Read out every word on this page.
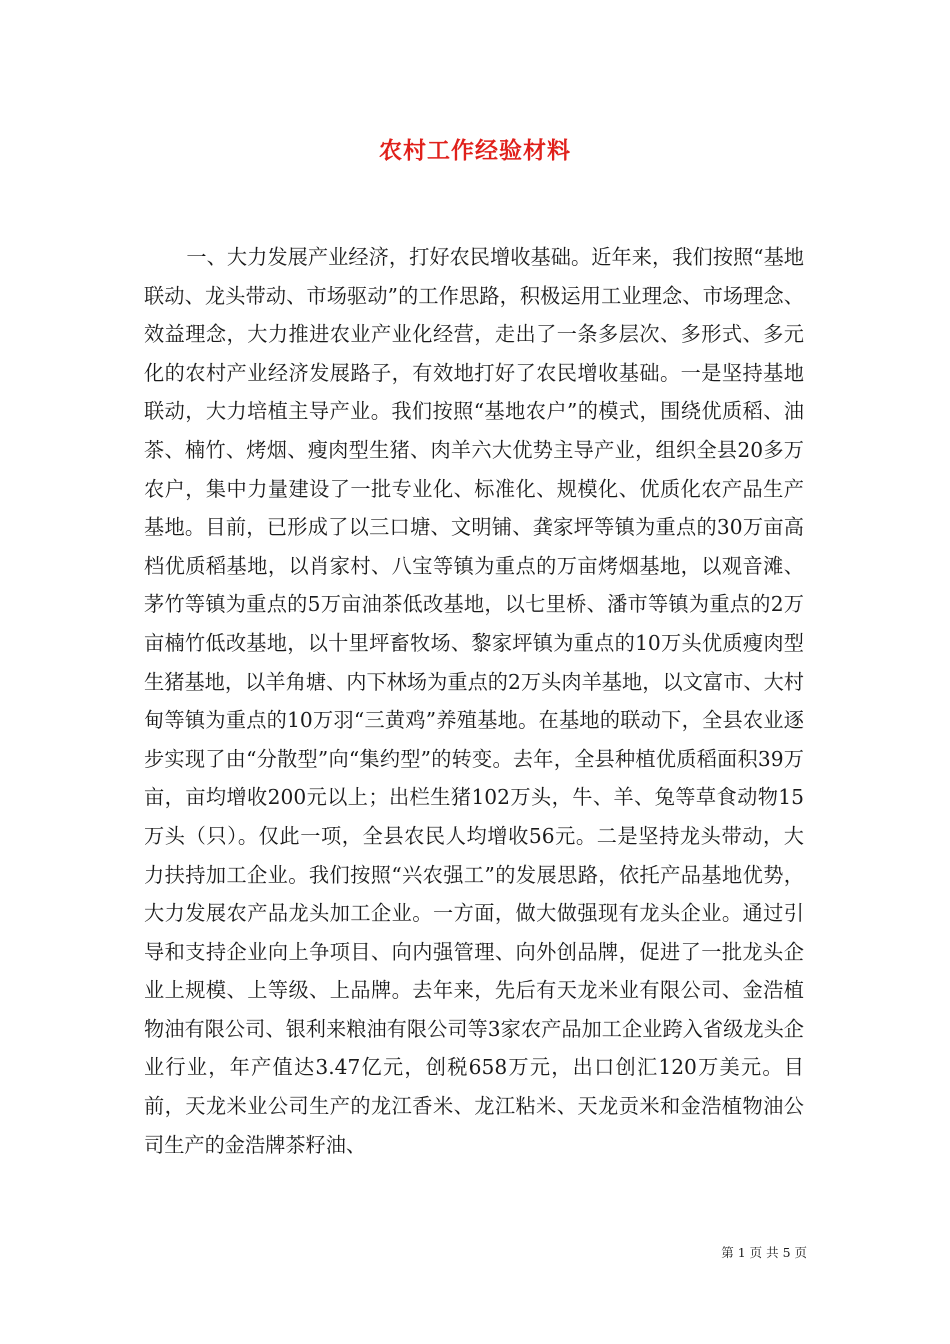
农村工作经验材料

一、大力发展产业经济，打好农民增收基础。近年来，我们按照“基地联动、龙头带动、市场驱动”的工作思路，积极运用工业理念、市场理念、效益理念，大力推进农业产业化经营，走出了一条多层次、多形式、多元化的农村产业经济发展路子，有效地打好了农民增收基础。一是坚持基地联动，大力培植主导产业。我们按照“基地农户”的模式，围绕优质稻、油茶、楠竹、烤烟、瘦肉型生猪、肉羊六大优势主导产业，组织全县20多万农户，集中力量建设了一批专业化、标准化、规模化、优质化农产品生产基地。目前，已形成了以三口塘、文明铺、龚家坪等镇为重点的30万亩高档优质稻基地，以肖家村、八宝等镇为重点的万亩烤烟基地，以观音滩、茅竹等镇为重点的5万亩油茶低改基地，以七里桥、潘市等镇为重点的2万亩楠竹低改基地，以十里坪畜牧场、黎家坪镇为重点的10万头优质瘦肉型生猪基地，以羊角塘、内下林场为重点的2万头肉羊基地，以文富市、大村甸等镇为重点的10万羽“三黄鸡”养殖基地。在基地的联动下，全县农业逐步实现了由“分散型”向“集约型”的转变。去年，全县种植优质稻面积39万亩，亩均增收200元以上；出栏生猪102万头，牛、羊、兔等草食动物15万头（只）。仅此一项，全县农民人均增收56元。二是坚持龙头带动，大力扶持加工企业。我们按照“兴农强工”的发展思路，依托产品基地优势，大力发展农产品龙头加工企业。一方面，做大做强现有龙头企业。通过引导和支持企业向上争项目、向内强管理、向外创品牌，促进了一批龙头企业上规模、上等级、上品牌。去年来，先后有天龙米业有限公司、金浩植物油有限公司、银利来粮油有限公司等3家农产品加工企业跨入省级龙头企业行业，年产值达3.47亿元，创税658万元，出口创汇120万美元。目前，天龙米业公司生产的龙江香米、龙江粘米、天龙贡米和金浩植物油公司生产的金浩牌茶籽油、

第 1 页 共 5 页
